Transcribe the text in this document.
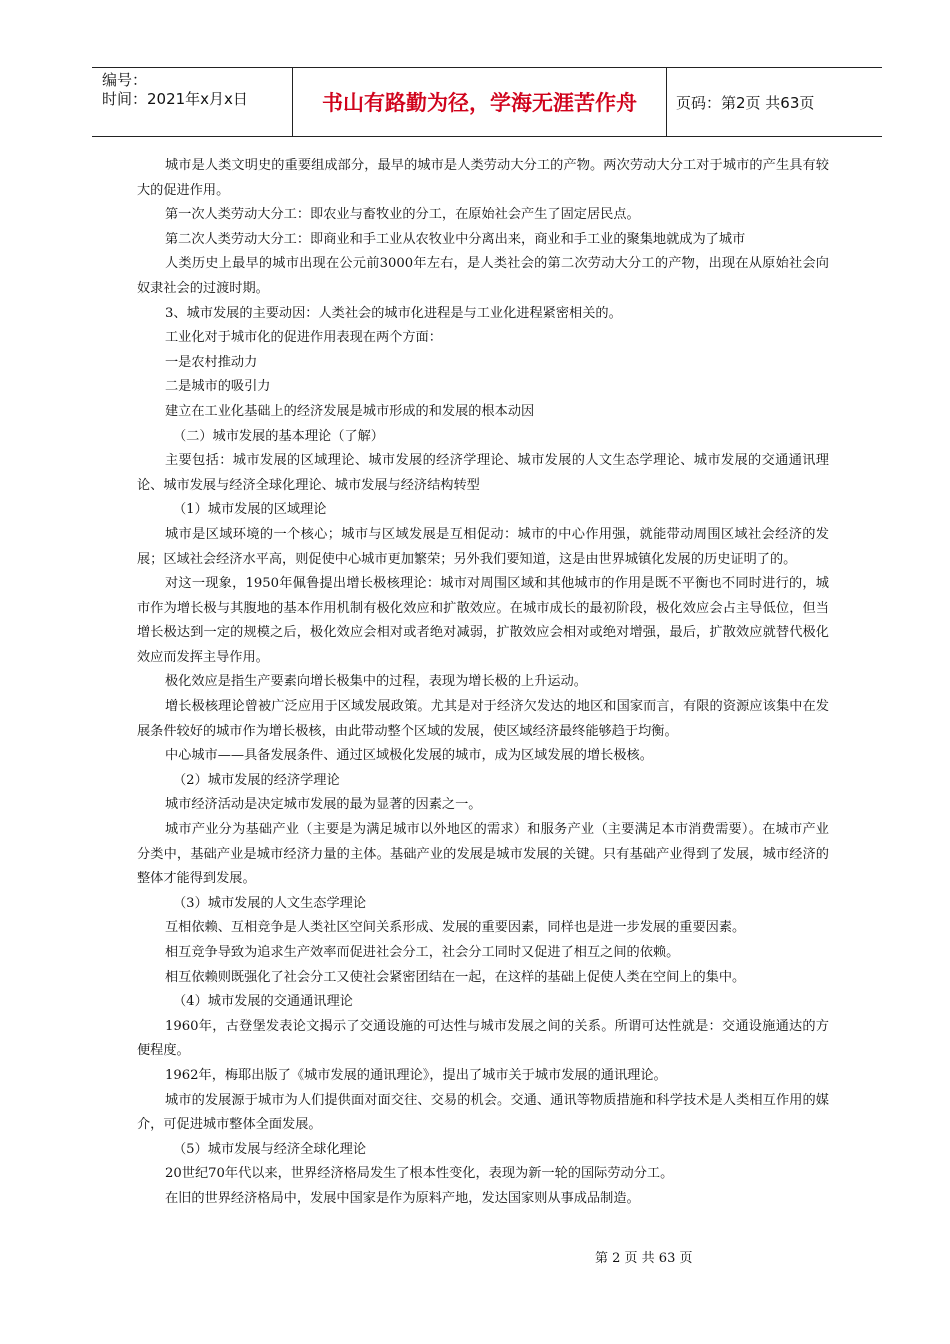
编号：
时间：2021年x月x日	书山有路勤为径，学海无涯苦作舟	页码：第2页 共63页

城市是人类文明史的重要组成部分，最早的城市是人类劳动大分工的产物。两次劳动大分工对于城市的产生具有较大的促进作用。

第一次人类劳动大分工：即农业与畜牧业的分工，在原始社会产生了固定居民点。

第二次人类劳动大分工：即商业和手工业从农牧业中分离出来，商业和手工业的聚集地就成为了城市

人类历史上最早的城市出现在公元前3000年左右，是人类社会的第二次劳动大分工的产物，出现在从原始社会向奴隶社会的过渡时期。

3、城市发展的主要动因：人类社会的城市化进程是与工业化进程紧密相关的。

工业化对于城市化的促进作用表现在两个方面：

一是农村推动力

二是城市的吸引力

建立在工业化基础上的经济发展是城市形成的和发展的根本动因

（二）城市发展的基本理论（了解）

主要包括：城市发展的区域理论、城市发展的经济学理论、城市发展的人文生态学理论、城市发展的交通通讯理论、城市发展与经济全球化理论、城市发展与经济结构转型

（1）城市发展的区域理论

城市是区域环境的一个核心；城市与区域发展是互相促动：城市的中心作用强，就能带动周围区域社会经济的发展；区域社会经济水平高，则促使中心城市更加繁荣；另外我们要知道，这是由世界城镇化发展的历史证明了的。

对这一现象，1950年佩鲁提出增长极核理论：城市对周围区域和其他城市的作用是既不平衡也不同时进行的，城市作为增长极与其腹地的基本作用机制有极化效应和扩散效应。在城市成长的最初阶段，极化效应会占主导低位，但当增长极达到一定的规模之后，极化效应会相对或者绝对减弱，扩散效应会相对或绝对增强，最后，扩散效应就替代极化效应而发挥主导作用。

极化效应是指生产要素向增长极集中的过程，表现为增长极的上升运动。

增长极核理论曾被广泛应用于区域发展政策。尤其是对于经济欠发达的地区和国家而言，有限的资源应该集中在发展条件较好的城市作为增长极核，由此带动整个区域的发展，使区域经济最终能够趋于均衡。

中心城市——具备发展条件、通过区域极化发展的城市，成为区域发展的增长极核。

（2）城市发展的经济学理论

城市经济活动是决定城市发展的最为显著的因素之一。

城市产业分为基础产业（主要是为满足城市以外地区的需求）和服务产业（主要满足本市消费需要）。在城市产业分类中，基础产业是城市经济力量的主体。基础产业的发展是城市发展的关键。只有基础产业得到了发展，城市经济的整体才能得到发展。

（3）城市发展的人文生态学理论

互相依赖、互相竞争是人类社区空间关系形成、发展的重要因素，同样也是进一步发展的重要因素。

相互竞争导致为追求生产效率而促进社会分工，社会分工同时又促进了相互之间的依赖。

相互依赖则既强化了社会分工又使社会紧密团结在一起，在这样的基础上促使人类在空间上的集中。

（4）城市发展的交通通讯理论

1960年，古登堡发表论文揭示了交通设施的可达性与城市发展之间的关系。所谓可达性就是：交通设施通达的方便程度。

1962年，梅耶出版了《城市发展的通讯理论》，提出了城市关于城市发展的通讯理论。

城市的发展源于城市为人们提供面对面交往、交易的机会。交通、通讯等物质措施和科学技术是人类相互作用的媒介，可促进城市整体全面发展。

（5）城市发展与经济全球化理论

20世纪70年代以来，世界经济格局发生了根本性变化，表现为新一轮的国际劳动分工。

在旧的世界经济格局中，发展中国家是作为原料产地，发达国家则从事成品制造。

第 2 页 共 63 页
